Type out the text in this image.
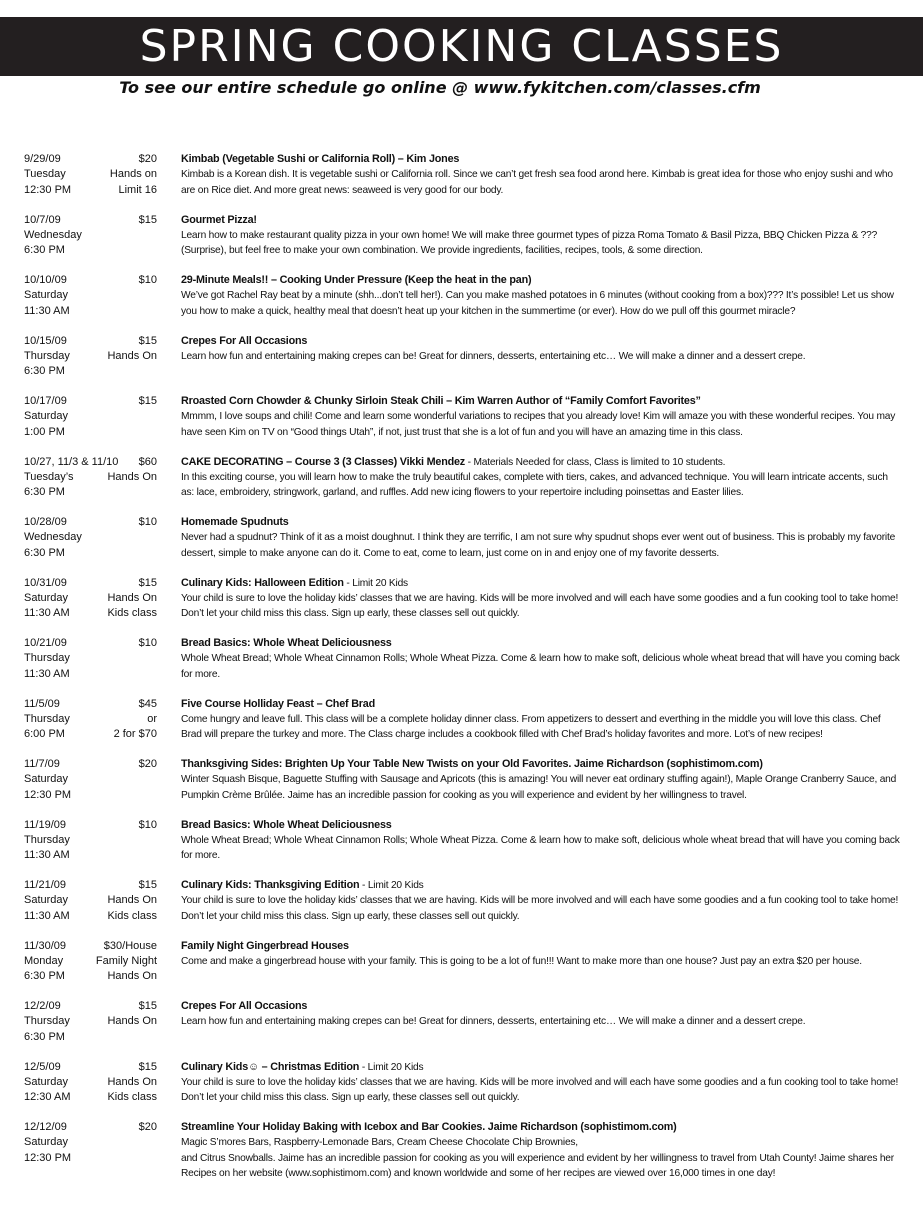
SPRING COOKING CLASSES
To see our entire schedule go online @ www.fykitchen.com/classes.cfm
9/29/09	$20
Tuesday	Hands on
12:30 PM	Limit 16
Kimbab (Vegetable Sushi or California Roll) – Kim Jones
Kimbab is a Korean dish. It is vegetable sushi or California roll. Since we can’t get fresh sea food arond here. Kimbab is great idea for those who enjoy sushi and who are on Rice diet. And more great news: seaweed is very good for our body.
10/7/09	$15
Wednesday
6:30 PM
Gourmet Pizza!
Learn how to make restaurant quality pizza in your own home! We will make three gourmet types of pizza Roma Tomato & Basil Pizza, BBQ Chicken Pizza & ???(Surprise), but feel free to make your own combination. We provide ingredients, facilities, recipes, tools, & some direction.
10/10/09	$10
Saturday
11:30 AM
29-Minute Meals!! – Cooking Under Pressure (Keep the heat in the pan)
We’ve got Rachel Ray beat by a minute (shh...don’t tell her!). Can you make mashed potatoes in 6 minutes (without cooking from a box)??? It’s possible! Let us show you how to make a quick, healthy meal that doesn’t heat up your kitchen in the summertime (or ever). How do we pull off this gourmet miracle?
10/15/09	$15
Thursday	Hands On
6:30 PM
Crepes For All Occasions
Learn how fun and entertaining making crepes can be! Great for dinners, desserts, entertaining etc… We will make a dinner and a dessert crepe.
10/17/09	$15
Saturday
1:00 PM
Rroasted Corn Chowder & Chunky Sirloin Steak Chili – Kim Warren Author of “Family Comfort Favorites”
Mmmm, I love soups and chili! Come and learn some wonderful variations to recipes that you already love! Kim will amaze you with these wonderful recipes. You may have seen Kim on TV on “Good things Utah”, if not, just trust that she is a lot of fun and you will have an amazing time in this class.
10/27, 11/3 & 11/10 $60
Tuesday’s	Hands On
6:30 PM
CAKE DECORATING – Course 3 (3 Classes) Vikki Mendez - Materials Needed for class, Class is limited to 10 students.
In this exciting course, you will learn how to make the truly beautiful cakes, complete with tiers, cakes, and advanced technique. You will learn intricate accents, such as: lace, embroidery, stringwork, garland, and ruffles. Add new icing flowers to your repertoire including poinsettas and Easter lilies.
10/28/09	$10
Wednesday
6:30 PM
Homemade Spudnuts
Never had a spudnut? Think of it as a moist doughnut. I think they are terrific, I am not sure why spudnut shops ever went out of business. This is probably my favorite dessert, simple to make anyone can do it. Come to eat, come to learn, just come on in and enjoy one of my favorite desserts.
10/31/09	$15
Saturday	Hands On
11:30 AM	Kids class
Culinary Kids: Halloween Edition - Limit 20 Kids
Your child is sure to love the holiday kids’ classes that we are having. Kids will be more involved and will each have some goodies and a fun cooking tool to take home! Don’t let your child miss this class. Sign up early, these classes sell out quickly.
10/21/09	$10
Thursday
11:30 AM
Bread Basics: Whole Wheat Deliciousness
Whole Wheat Bread; Whole Wheat Cinnamon Rolls; Whole Wheat Pizza. Come & learn how to make soft, delicious whole wheat bread that will have you coming back for more.
11/5/09	$45
Thursday	or
6:00 PM	2 for $70
Five Course Holliday Feast – Chef Brad
Come hungry and leave full. This class will be a complete holiday dinner class. From appetizers to dessert and everthing in the middle you will love this class. Chef Brad will prepare the turkey and more. The Class charge includes a cookbook filled with Chef Brad’s holiday favorites and more. Lot’s of new recipes!
11/7/09	$20
Saturday
12:30 PM
Thanksgiving Sides: Brighten Up Your Table New Twists on your Old Favorites. Jaime Richardson (sophistimom.com)
Winter Squash Bisque, Baguette Stuffing with Sausage and Apricots (this is amazing! You will never eat ordinary stuffing again!), Maple Orange Cranberry Sauce, and Pumpkin Crème Brûlée. Jaime has an incredible passion for cooking as you will experience and evident by her willingness to travel.
11/19/09	$10
Thursday
11:30 AM
Bread Basics: Whole Wheat Deliciousness
Whole Wheat Bread; Whole Wheat Cinnamon Rolls; Whole Wheat Pizza. Come & learn how to make soft, delicious whole wheat bread that will have you coming back for more.
11/21/09	$15
Saturday	Hands On
11:30 AM	Kids class
Culinary Kids: Thanksgiving Edition - Limit 20 Kids
Your child is sure to love the holiday kids’ classes that we are having. Kids will be more involved and will each have some goodies and a fun cooking tool to take home! Don’t let your child miss this class. Sign up early, these classes sell out quickly.
11/30/09	$30/House
Monday	Family Night
6:30 PM	Hands On
Family Night Gingerbread Houses
Come and make a gingerbread house with your family. This is going to be a lot of fun!!! Want to make more than one house? Just pay an extra $20 per house.
12/2/09	$15
Thursday	Hands On
6:30 PM
Crepes For All Occasions
Learn how fun and entertaining making crepes can be! Great for dinners, desserts, entertaining etc… We will make a dinner and a dessert crepe.
12/5/09	$15
Saturday	Hands On
12:30 AM	Kids class
Culinary Kids☺ – Christmas Edition - Limit 20 Kids
Your child is sure to love the holiday kids’ classes that we are having. Kids will be more involved and will each have some goodies and a fun cooking tool to take home! Don’t let your child miss this class. Sign up early, these classes sell out quickly.
12/12/09	$20
Saturday
12:30 PM
Streamline Your Holiday Baking with Icebox and Bar Cookies. Jaime Richardson (sophistimom.com)
Magic S’mores Bars, Raspberry-Lemonade Bars, Cream Cheese Chocolate Chip Brownies,
and Citrus Snowballs. Jaime has an incredible passion for cooking as you will experience and evident by her willingness to travel from Utah County! Jaime shares her Recipes on her website (www.sophistimom.com) and known worldwide and some of her recipes are viewed over 16,000 times in one day!
